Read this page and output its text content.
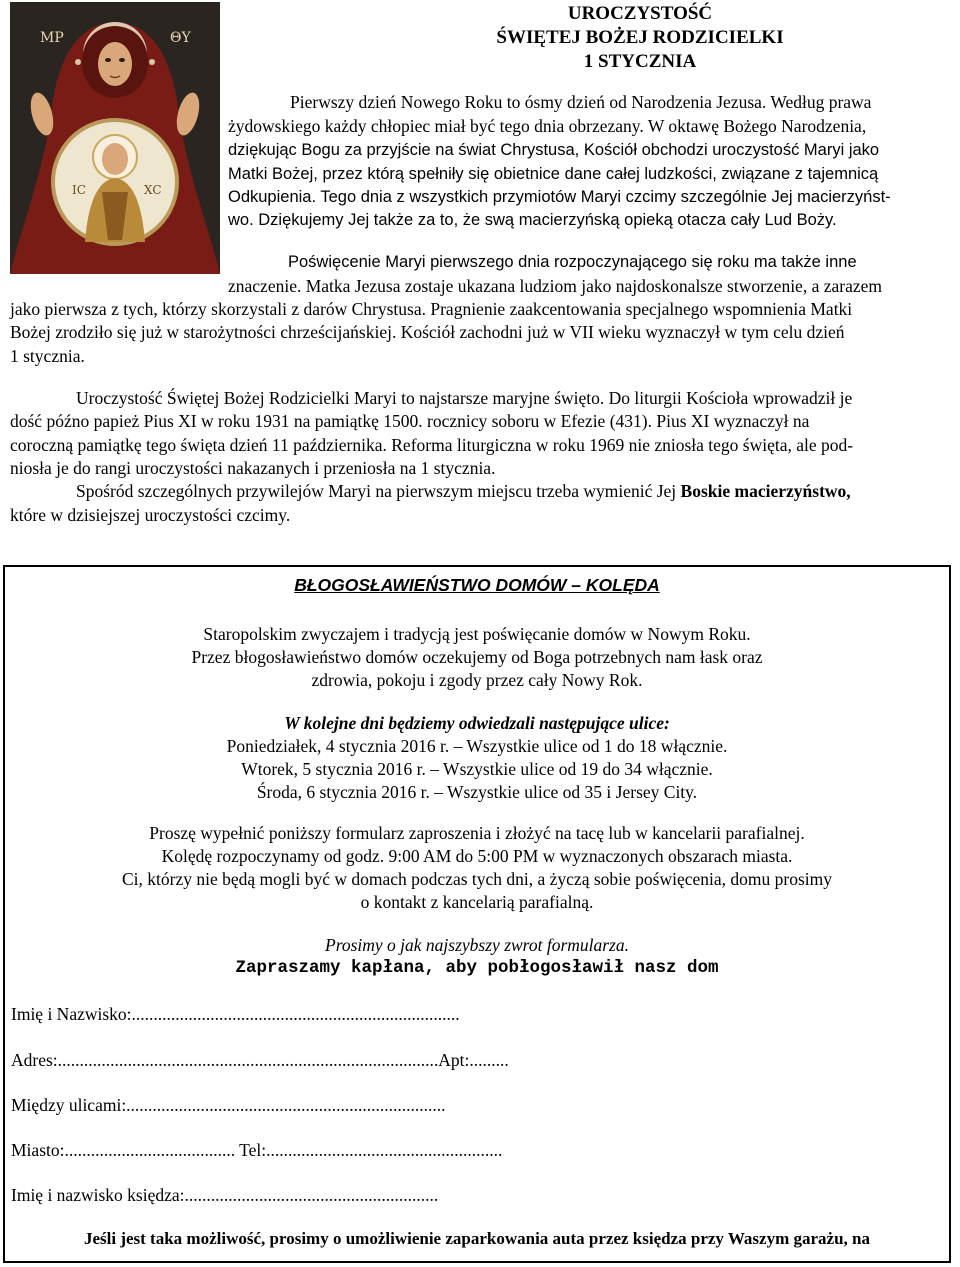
ΜΡ	ΘΥ
IC	XC
UROCZYSTOŚĆ
ŚWIĘTEJ BOŻEJ RODZICIELKI
1 STYCZNIA
Pierwszy dzień Nowego Roku to ósmy dzień od Narodzenia Jezusa. Według prawa
żydowskiego każdy chłopiec miał być tego dnia obrzezany. W oktawę Bożego Narodzenia,
dziękując Bogu za przyjście na świat Chrystusa, Kościół obchodzi uroczystość Maryi jako
Matki Bożej, przez którą spełniły się obietnice dane całej ludzkości, związane z tajemnicą
Odkupienia. Tego dnia z wszystkich przymiotów Maryi czcimy szczególnie Jej macierzyńst-
wo. Dziękujemy Jej także za to, że swą macierzyńską opieką otacza cały Lud Boży.
Poświęcenie Maryi pierwszego dnia rozpoczynającego się roku ma także inne
znaczenie. Matka Jezusa zostaje ukazana ludziom jako najdoskonalsze stworzenie, a zarazem
jako pierwsza z tych, którzy skorzystali z darów Chrystusa. Pragnienie zaakcentowania specjalnego wspomnienia Matki
Bożej zrodziło się już w starożytności chrześcijańskiej. Kościół zachodni już w VII wieku wyznaczył w tym celu dzień
1 stycznia.
Uroczystość Świętej Bożej Rodzicielki Maryi to najstarsze maryjne święto. Do liturgii Kościoła wprowadził je
dość późno papież Pius XI w roku 1931 na pamiątkę 1500. rocznicy soboru w Efezie (431). Pius XI wyznaczył na
coroczną pamiątkę tego święta dzień 11 października. Reforma liturgiczna w roku 1969 nie zniosła tego święta, ale pod-
niosła je do rangi uroczystości nakazanych i przeniosła na 1 stycznia.
Spośród szczególnych przywilejów Maryi na pierwszym miejscu trzeba wymienić Jej Boskie macierzyństwo,
które w dzisiejszej uroczystości czcimy.
BŁOGOSŁAWIEŃSTWO DOMÓW – KOLĘDA
Staropolskim zwyczajem i tradycją jest poświęcanie domów w Nowym Roku.
Przez błogosławieństwo domów oczekujemy od Boga potrzebnych nam łask oraz
zdrowia, pokoju i zgody przez cały Nowy Rok.
W kolejne dni będziemy odwiedzali następujące ulice:
Poniedziałek, 4 stycznia 2016 r. – Wszystkie ulice od 1 do 18 włącznie.
Wtorek, 5 stycznia 2016 r. – Wszystkie ulice od 19 do 34 włącznie.
Środa, 6 stycznia 2016 r. – Wszystkie ulice od 35 i Jersey City.
Proszę wypełnić poniższy formularz zaproszenia i złożyć na tacę lub w kancelarii parafialnej.
Kolędę rozpoczynamy od godz. 9:00 AM do 5:00 PM w wyznaczonych obszarach miasta.
Ci, którzy nie będą mogli być w domach podczas tych dni, a życzą sobie poświęcenia, domu prosimy
o kontakt z kancelarią parafialną.
Prosimy o jak najszybszy zwrot formularza.
Zapraszamy kapłana, aby pobłogosławił nasz dom
Imię i Nazwisko:...........................................................................
Adres:.......................................................................................Apt:.........
Między ulicami:.........................................................................
Miasto:....................................... Tel:......................................................
Imię i nazwisko księdza:..........................................................
Jeśli jest taka możliwość, prosimy o umożliwienie zaparkowania auta przez księdza przy Waszym garażu, na
